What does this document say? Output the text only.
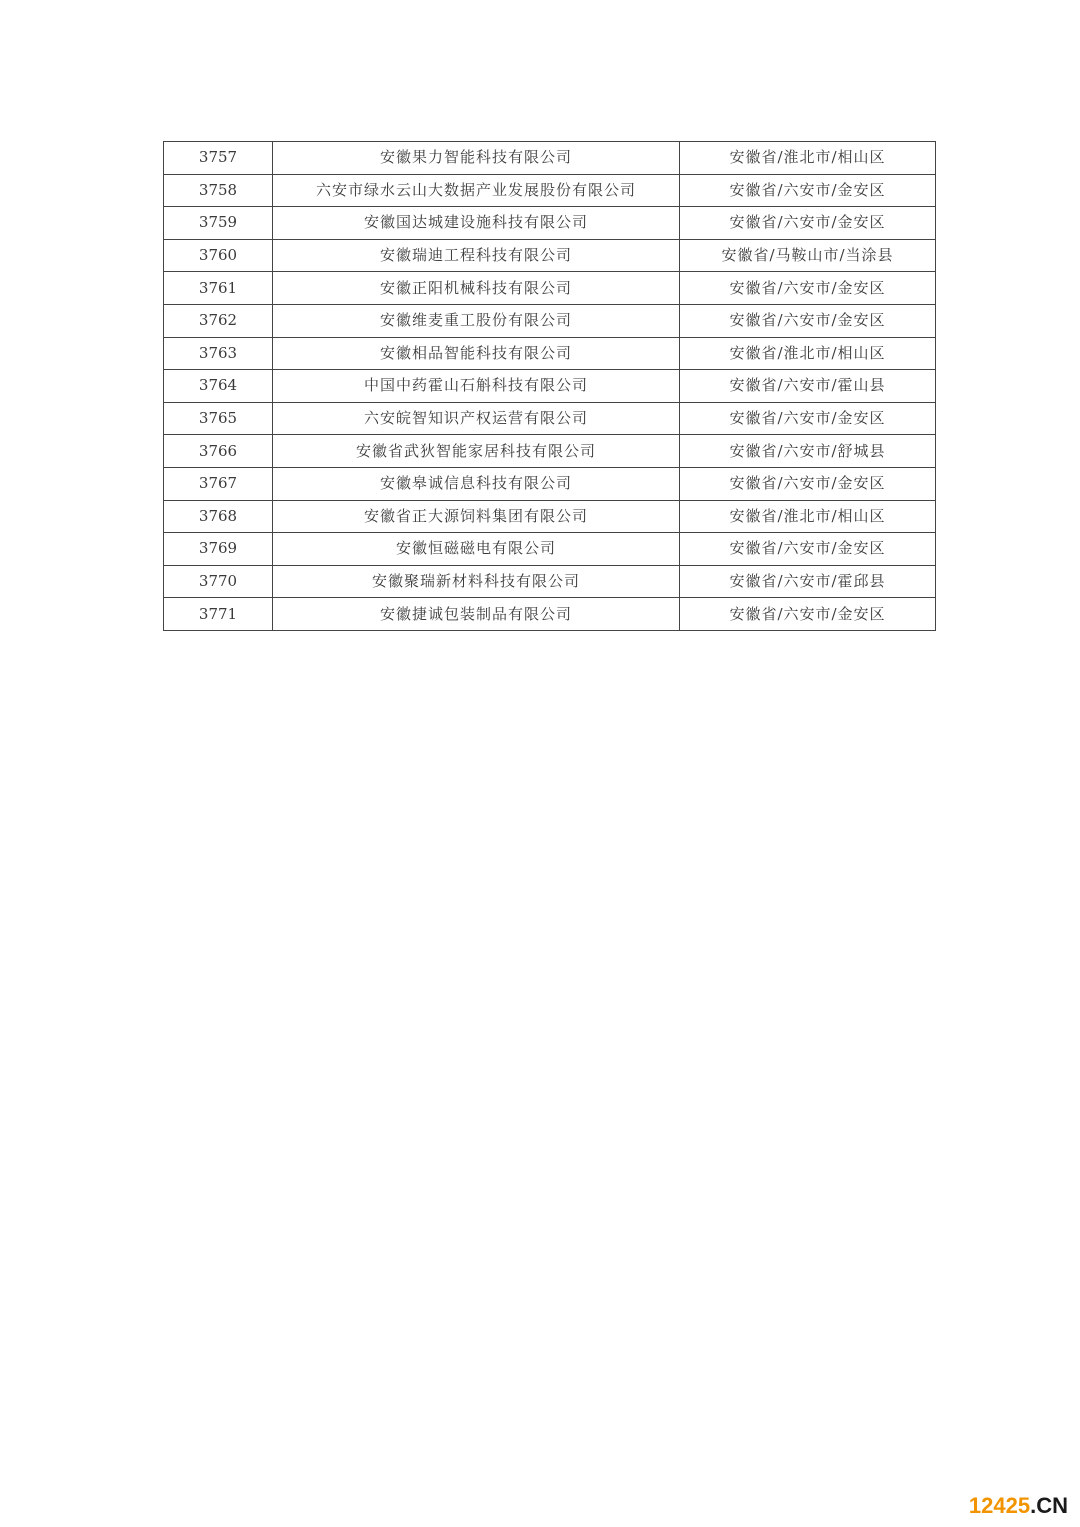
3757	安徽果力智能科技有限公司	安徽省/淮北市/相山区
3758	六安市绿水云山大数据产业发展股份有限公司	安徽省/六安市/金安区
3759	安徽国达城建设施科技有限公司	安徽省/六安市/金安区
3760	安徽瑞迪工程科技有限公司	安徽省/马鞍山市/当涂县
3761	安徽正阳机械科技有限公司	安徽省/六安市/金安区
3762	安徽维麦重工股份有限公司	安徽省/六安市/金安区
3763	安徽相品智能科技有限公司	安徽省/淮北市/相山区
3764	中国中药霍山石斛科技有限公司	安徽省/六安市/霍山县
3765	六安皖智知识产权运营有限公司	安徽省/六安市/金安区
3766	安徽省武狄智能家居科技有限公司	安徽省/六安市/舒城县
3767	安徽皋诚信息科技有限公司	安徽省/六安市/金安区
3768	安徽省正大源饲料集团有限公司	安徽省/淮北市/相山区
3769	安徽恒磁磁电有限公司	安徽省/六安市/金安区
3770	安徽聚瑞新材料科技有限公司	安徽省/六安市/霍邱县
3771	安徽捷诚包装制品有限公司	安徽省/六安市/金安区
12425.CN
